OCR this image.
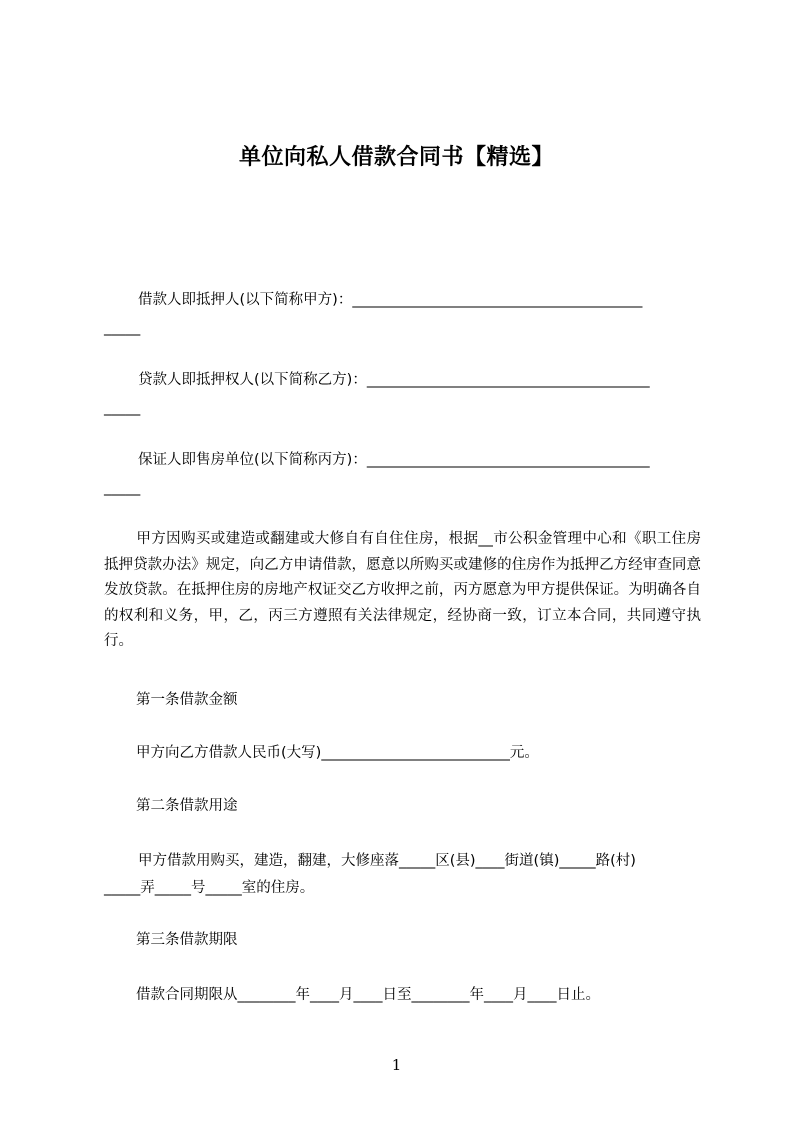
单位向私人借款合同书【精选】
借款人即抵押人(以下简称甲方)：________________________________________
_____
贷款人即抵押权人(以下简称乙方)：_______________________________________
_____
保证人即售房单位(以下简称丙方)：_______________________________________
_____
甲方因购买或建造或翻建或大修自有自住住房，根据__市公积金管理中心和《职工住房抵押贷款办法》规定，向乙方申请借款，愿意以所购买或建修的住房作为抵押乙方经审查同意发放贷款。在抵押住房的房地产权证交乙方收押之前，丙方愿意为甲方提供保证。为明确各自的权利和义务，甲，乙，丙三方遵照有关法律规定，经协商一致，订立本合同，共同遵守执行。
第一条借款金额
甲方向乙方借款人民币(大写)__________________________元。
第二条借款用途
甲方借款用购买，建造，翻建，大修座落_____区(县)____街道(镇)_____路(村)
_____弄_____号_____室的住房。
第三条借款期限
借款合同期限从________年____月____日至________年____月____日止。
1
